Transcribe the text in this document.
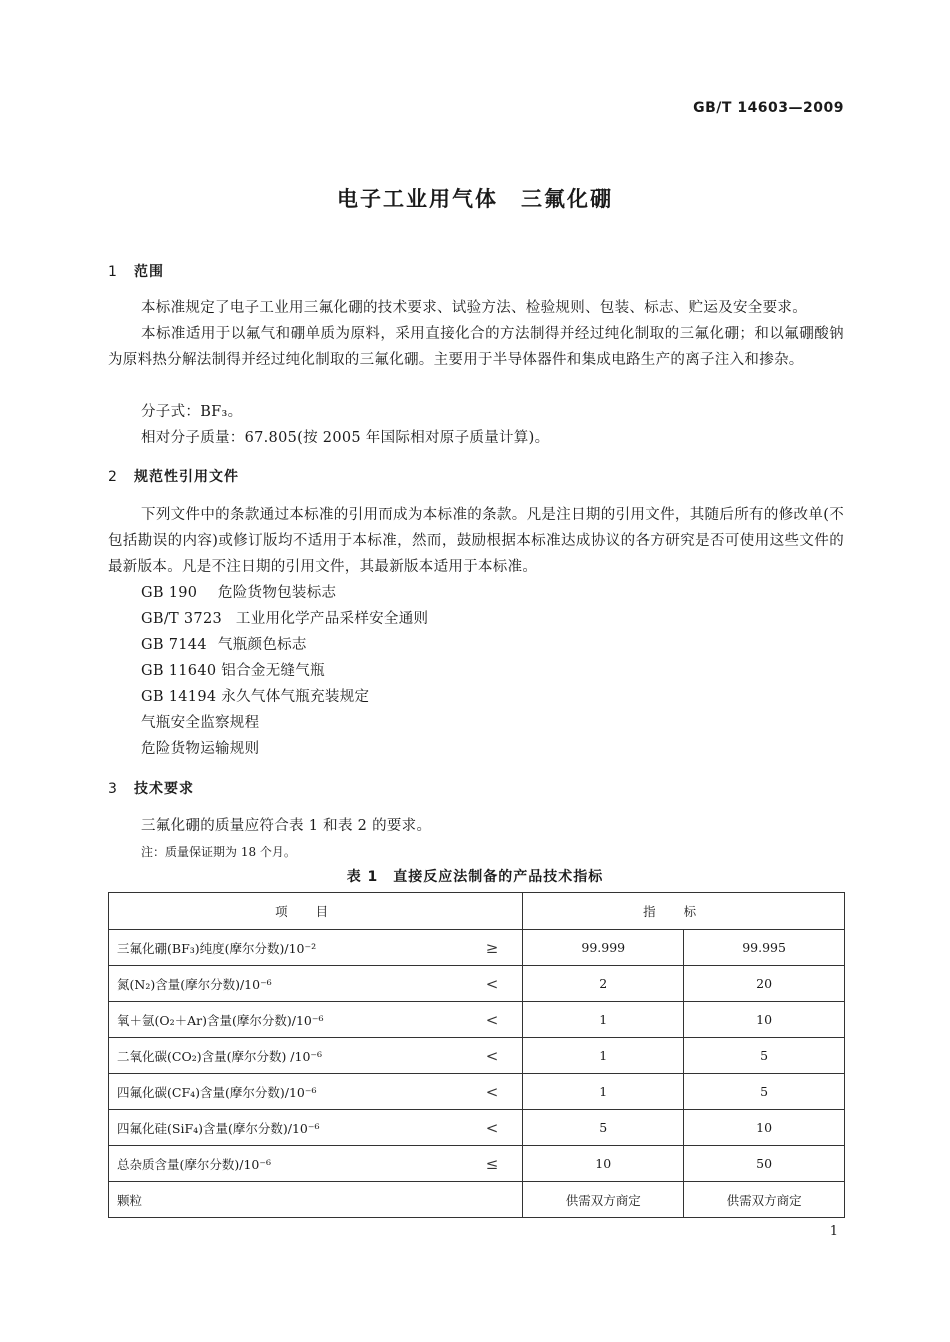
GB/T 14603—2009
电子工业用气体　三氟化硼
1 范围
本标准规定了电子工业用三氟化硼的技术要求、试验方法、检验规则、包装、标志、贮运及安全要求。
本标准适用于以氟气和硼单质为原料，采用直接化合的方法制得并经过纯化制取的三氟化硼；和以氟硼酸钠为原料热分解法制得并经过纯化制取的三氟化硼。主要用于半导体器件和集成电路生产的离子注入和掺杂。
分子式：BF₃。
相对分子质量：67.805(按 2005 年国际相对原子质量计算)。
2 规范性引用文件
下列文件中的条款通过本标准的引用而成为本标准的条款。凡是注日期的引用文件，其随后所有的修改单(不包括勘误的内容)或修订版均不适用于本标准，然而，鼓励根据本标准达成协议的各方研究是否可使用这些文件的最新版本。凡是不注日期的引用文件，其最新版本适用于本标准。
GB 190 危险货物包装标志
GB/T 3723 工业用化学产品采样安全通则
GB 7144 气瓶颜色标志
GB 11640 铝合金无缝气瓶
GB 14194 永久气体气瓶充装规定
气瓶安全监察规程
危险货物运输规则
3 技术要求
三氟化硼的质量应符合表 1 和表 2 的要求。
注：质量保证期为 18 个月。
表 1　直接反应法制备的产品技术指标
项目	指标	
三氟化硼(BF₃)纯度(摩尔分数)/10⁻² ≥	99.999	99.995
氮(N₂)含量(摩尔分数)/10⁻⁶ <	2	20
氧＋氩(O₂＋Ar)含量(摩尔分数)/10⁻⁶ <	1	10
二氧化碳(CO₂)含量(摩尔分数) /10⁻⁶ <	1	5
四氟化碳(CF₄)含量(摩尔分数)/10⁻⁶ <	1	5
四氟化硅(SiF₄)含量(摩尔分数)/10⁻⁶ <	5	10
总杂质含量(摩尔分数)/10⁻⁶ ≤	10	50
颗粒	供需双方商定	供需双方商定
1
